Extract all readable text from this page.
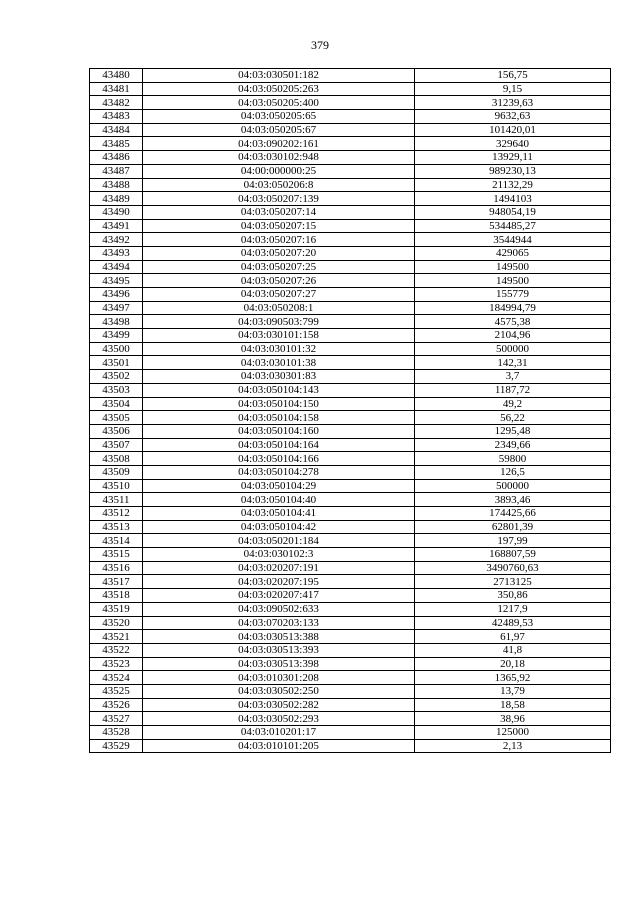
379
43480	04:03:030501:182	156,75
43481	04:03:050205:263	9,15
43482	04:03:050205:400	31239,63
43483	04:03:050205:65	9632,63
43484	04:03:050205:67	101420,01
43485	04:03:090202:161	329640
43486	04:03:030102:948	13929,11
43487	04:00:000000:25	989230,13
43488	04:03:050206:8	21132,29
43489	04:03:050207:139	1494103
43490	04:03:050207:14	948054,19
43491	04:03:050207:15	534485,27
43492	04:03:050207:16	3544944
43493	04:03:050207:20	429065
43494	04:03:050207:25	149500
43495	04:03:050207:26	149500
43496	04:03:050207:27	155779
43497	04:03:050208:1	184994,79
43498	04:03:090503:799	4575,38
43499	04:03:030101:158	2104,96
43500	04:03:030101:32	500000
43501	04:03:030101:38	142,31
43502	04:03:030301:83	3,7
43503	04:03:050104:143	1187,72
43504	04:03:050104:150	49,2
43505	04:03:050104:158	56,22
43506	04:03:050104:160	1295,48
43507	04:03:050104:164	2349,66
43508	04:03:050104:166	59800
43509	04:03:050104:278	126,5
43510	04:03:050104:29	500000
43511	04:03:050104:40	3893,46
43512	04:03:050104:41	174425,66
43513	04:03:050104:42	62801,39
43514	04:03:050201:184	197,99
43515	04:03:030102:3	168807,59
43516	04:03:020207:191	3490760,63
43517	04:03:020207:195	2713125
43518	04:03:020207:417	350,86
43519	04:03:090502:633	1217,9
43520	04:03:070203:133	42489,53
43521	04:03:030513:388	61,97
43522	04:03:030513:393	41,8
43523	04:03:030513:398	20,18
43524	04:03:010301:208	1365,92
43525	04:03:030502:250	13,79
43526	04:03:030502:282	18,58
43527	04:03:030502:293	38,96
43528	04:03:010201:17	125000
43529	04:03:010101:205	2,13
